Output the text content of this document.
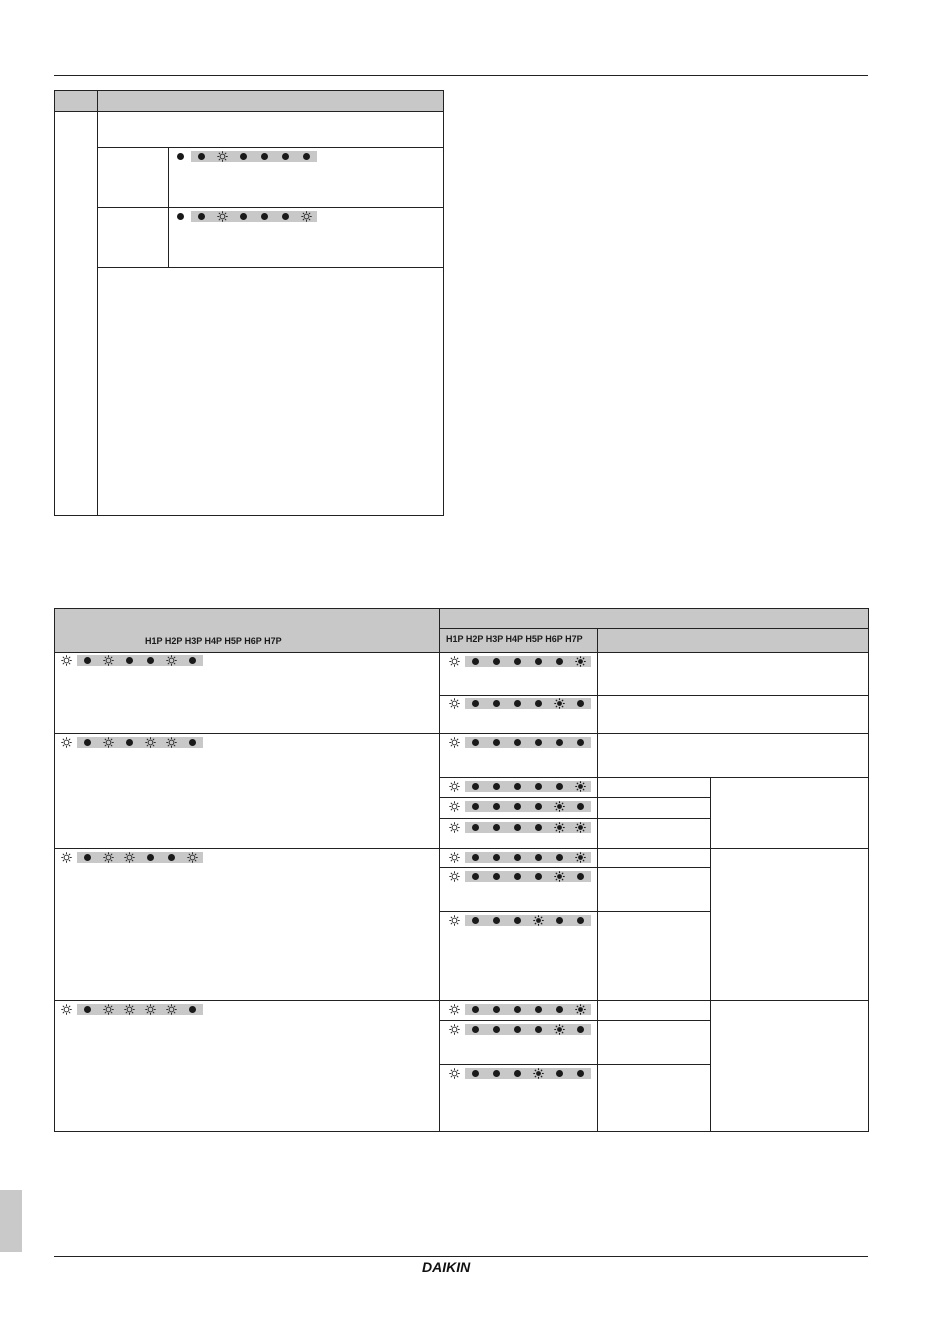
H1P H2P H3P H4P H5P H6P H7P	H1P H2P H3P H4P H5P H6P H7P
DAIKIN
